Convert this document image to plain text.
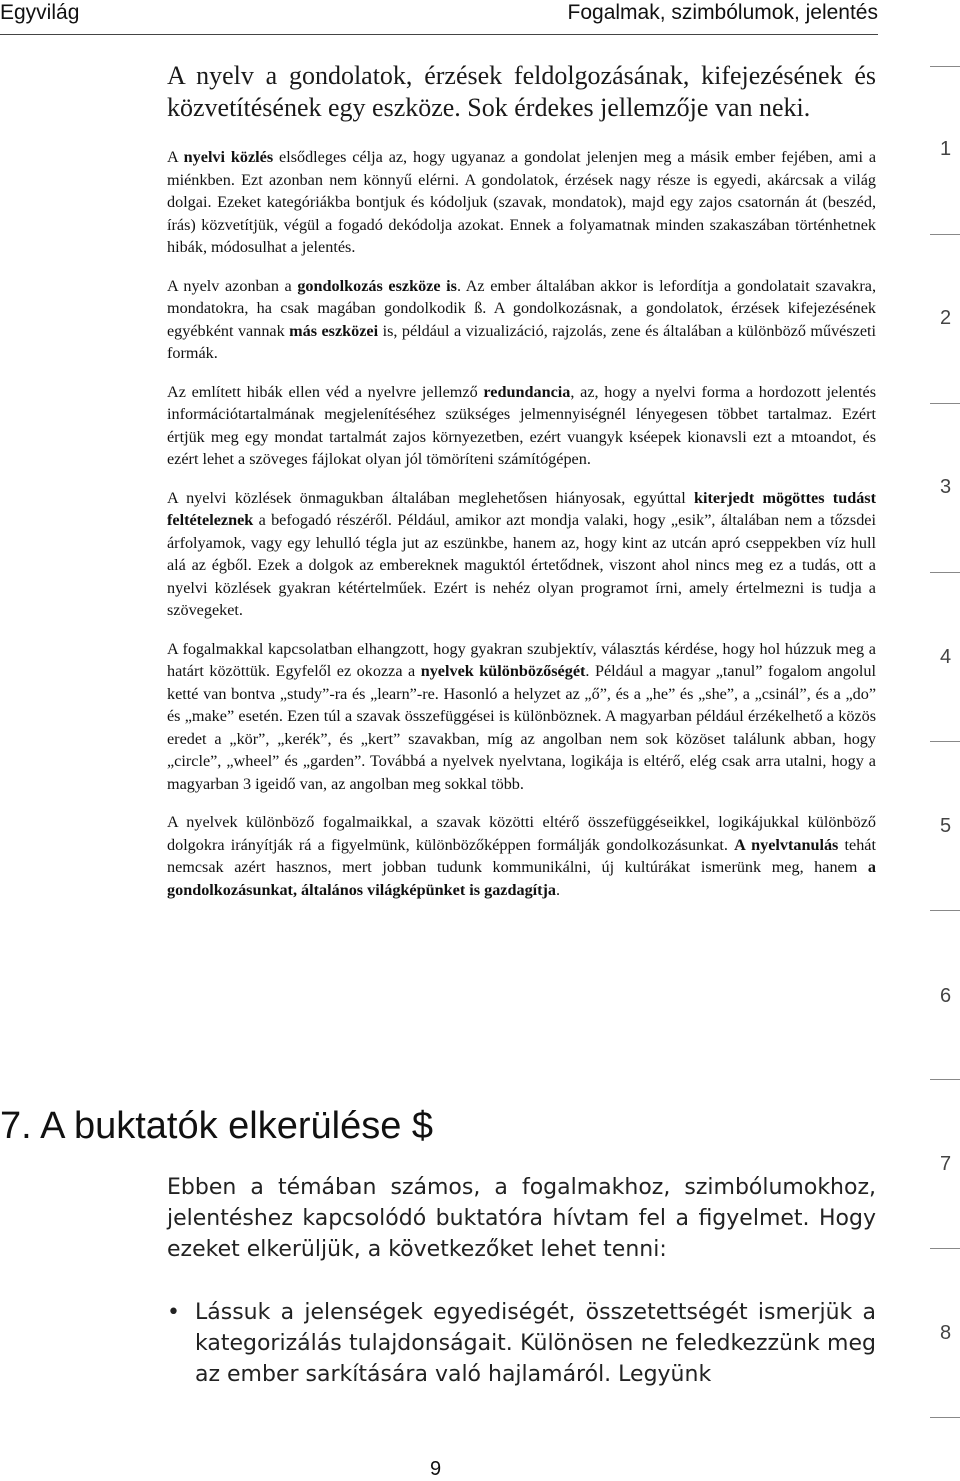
Egyvilág	Fogalmak, szimbólumok, jelentés

A nyelv a gondolatok, érzések feldolgozásának, kifejezésének és közvetítésének egy eszköze. Sok érdekes jellemzője van neki.

A nyelvi közlés elsődleges célja az, hogy ugyanaz a gondolat jelenjen meg a másik ember fejében, ami a miénkben. Ezt azonban nem könnyű elérni. A gondolatok, érzések nagy része is egyedi, akárcsak a világ dolgai. Ezeket kategóriákba bontjuk és kódoljuk (szavak, mondatok), majd egy zajos csatornán át (beszéd, írás) közvetítjük, végül a fogadó dekódolja azokat. Ennek a folyamatnak minden szakaszában történhetnek hibák, módosulhat a jelentés.

A nyelv azonban a gondolkozás eszköze is. Az ember általában akkor is lefordítja a gondolatait szavakra, mondatokra, ha csak magában gondolkodik ß. A gondolkozásnak, a gondolatok, érzések kifejezésének egyébként vannak más eszközei is, például a vizualizáció, rajzolás, zene és általában a különböző művészeti formák.

Az említett hibák ellen véd a nyelvre jellemző redundancia, az, hogy a nyelvi forma a hordozott jelentés információtartalmának megjelenítéséhez szükséges jelmennyiségnél lényegesen többet tartalmaz. Ezért értjük meg egy mondat tartalmát zajos környezetben, ezért vuangyk kséepek kionavsli ezt a mtoandot, és ezért lehet a szöveges fájlokat olyan jól tömöríteni számítógépen.

A nyelvi közlések önmagukban általában meglehetősen hiányosak, egyúttal kiterjedt mögöttes tudást feltételeznek a befogadó részéről. Például, amikor azt mondja valaki, hogy „esik”, általában nem a tőzsdei árfolyamok, vagy egy lehulló tégla jut az eszünkbe, hanem az, hogy kint az utcán apró cseppekben víz hull alá az égből. Ezek a dolgok az embereknek maguktól értetődnek, viszont ahol nincs meg ez a tudás, ott a nyelvi közlések gyakran kétértelműek. Ezért is nehéz olyan programot írni, amely értelmezni is tudja a szövegeket.

A fogalmakkal kapcsolatban elhangzott, hogy gyakran szubjektív, választás kérdése, hogy hol húzzuk meg a határt közöttük. Egyfelől ez okozza a nyelvek különbözőségét. Például a magyar „tanul” fogalom angolul ketté van bontva „study”-ra és „learn”-re. Hasonló a helyzet az „ő”, és a „he” és „she”, a „csinál”, és a „do” és „make” esetén. Ezen túl a szavak összefüggései is különböznek. A magyarban például érzékelhető a közös eredet a „kör”, „kerék”, és „kert” szavakban, míg az angolban nem sok közöset találunk abban, hogy „circle”, „wheel” és „garden”. Továbbá a nyelvek nyelvtana, logikája is eltérő, elég csak arra utalni, hogy a magyarban 3 igeidő van, az angolban meg sokkal több.

A nyelvek különböző fogalmaikkal, a szavak közötti eltérő összefüggéseikkel, logikájukkal különböző dolgokra irányítják rá a figyelmünk, különbözőképpen formálják gondolkozásunkat. A nyelvtanulás tehát nemcsak azért hasznos, mert jobban tudunk kommunikálni, új kultúrákat ismerünk meg, hanem a gondolkozásunkat, általános világképünket is gazdagítja.

7. A buktatók elkerülése $

Ebben a témában számos, a fogalmakhoz, szimbólumokhoz, jelentéshez kapcsolódó buktatóra hívtam fel a figyelmet. Hogy ezeket elkerüljük, a következőket lehet tenni:

• Lássuk a jelenségek egyediségét, összetettségét ismerjük a kategorizálás tulajdonságait. Különösen ne feledkezzünk meg az ember sarkítására való hajlamáról. Legyünk
1
2
3
4
5
6
7
8
9
